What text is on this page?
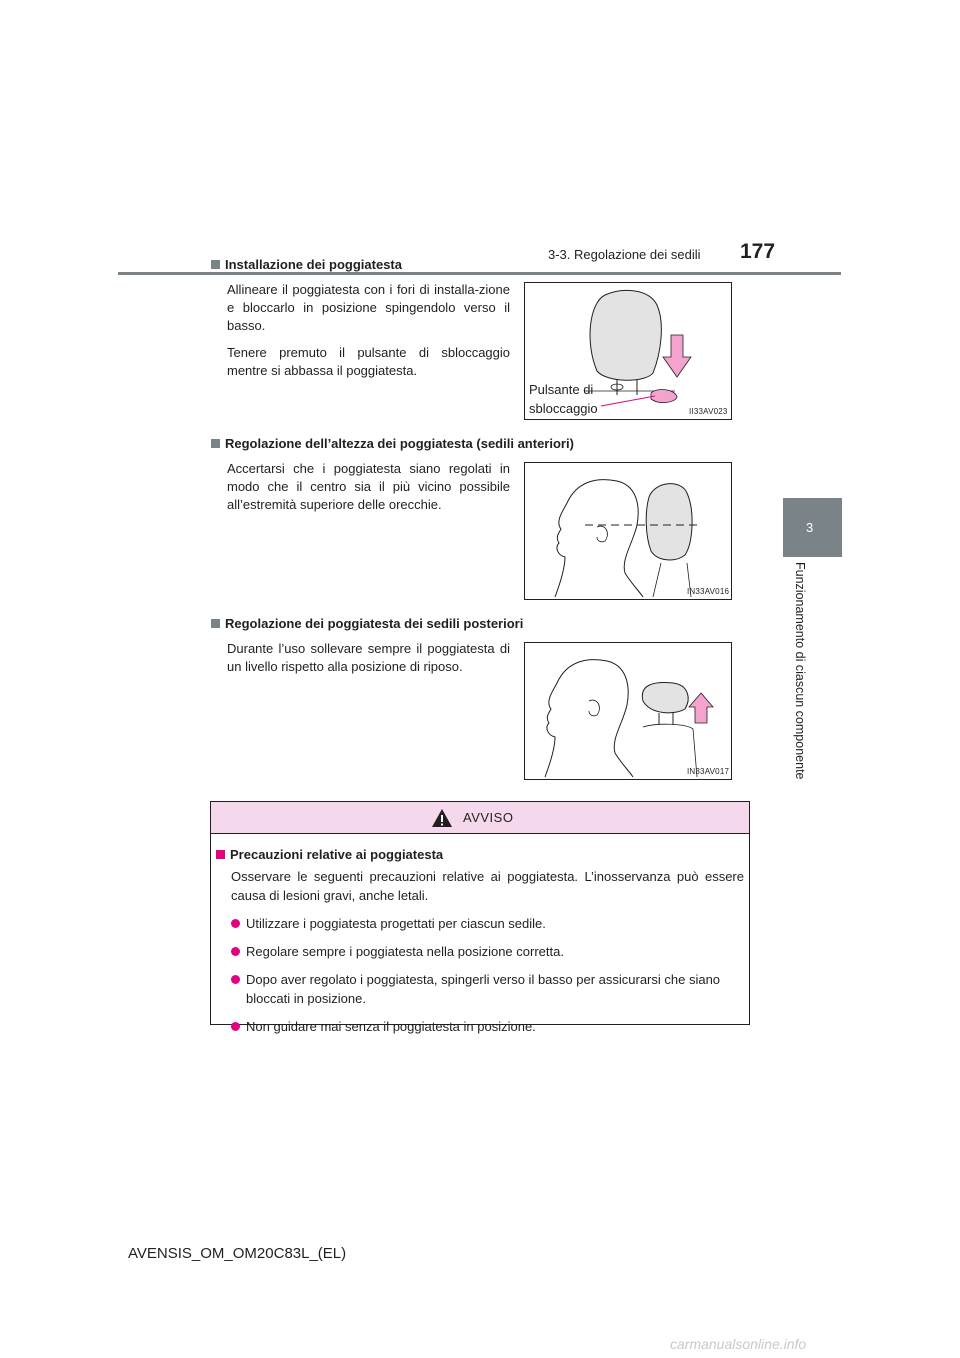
3-3. Regolazione dei sedili 177
3
Funzionamento di ciascun componente
Installazione dei poggiatesta

Allineare il poggiatesta con i fori di installa-zione e bloccarlo in posizione spingendolo verso il basso.

Tenere premuto il pulsante di sbloccaggio mentre si abbassa il poggiatesta.

Pulsante di
sbloccaggio	II33AV023
Regolazione dell’altezza dei poggiatesta (sedili anteriori)

Accertarsi che i poggiatesta siano regolati in modo che il centro sia il più vicino possibile all’estremità superiore delle orecchie.

IN33AV016
Regolazione dei poggiatesta dei sedili posteriori

Durante l’uso sollevare sempre il poggiatesta di un livello rispetto alla posizione di riposo.

IN33AV017
AVVISO
Precauzioni relative ai poggiatesta
Osservare le seguenti precauzioni relative ai poggiatesta. L’inosservanza può essere causa di lesioni gravi, anche letali.
Utilizzare i poggiatesta progettati per ciascun sedile.
Regolare sempre i poggiatesta nella posizione corretta.
Dopo aver regolato i poggiatesta, spingerli verso il basso per assicurarsi che siano bloccati in posizione.
Non guidare mai senza il poggiatesta in posizione.
AVENSIS_OM_OM20C83L_(EL)
carmanualsonline.info
